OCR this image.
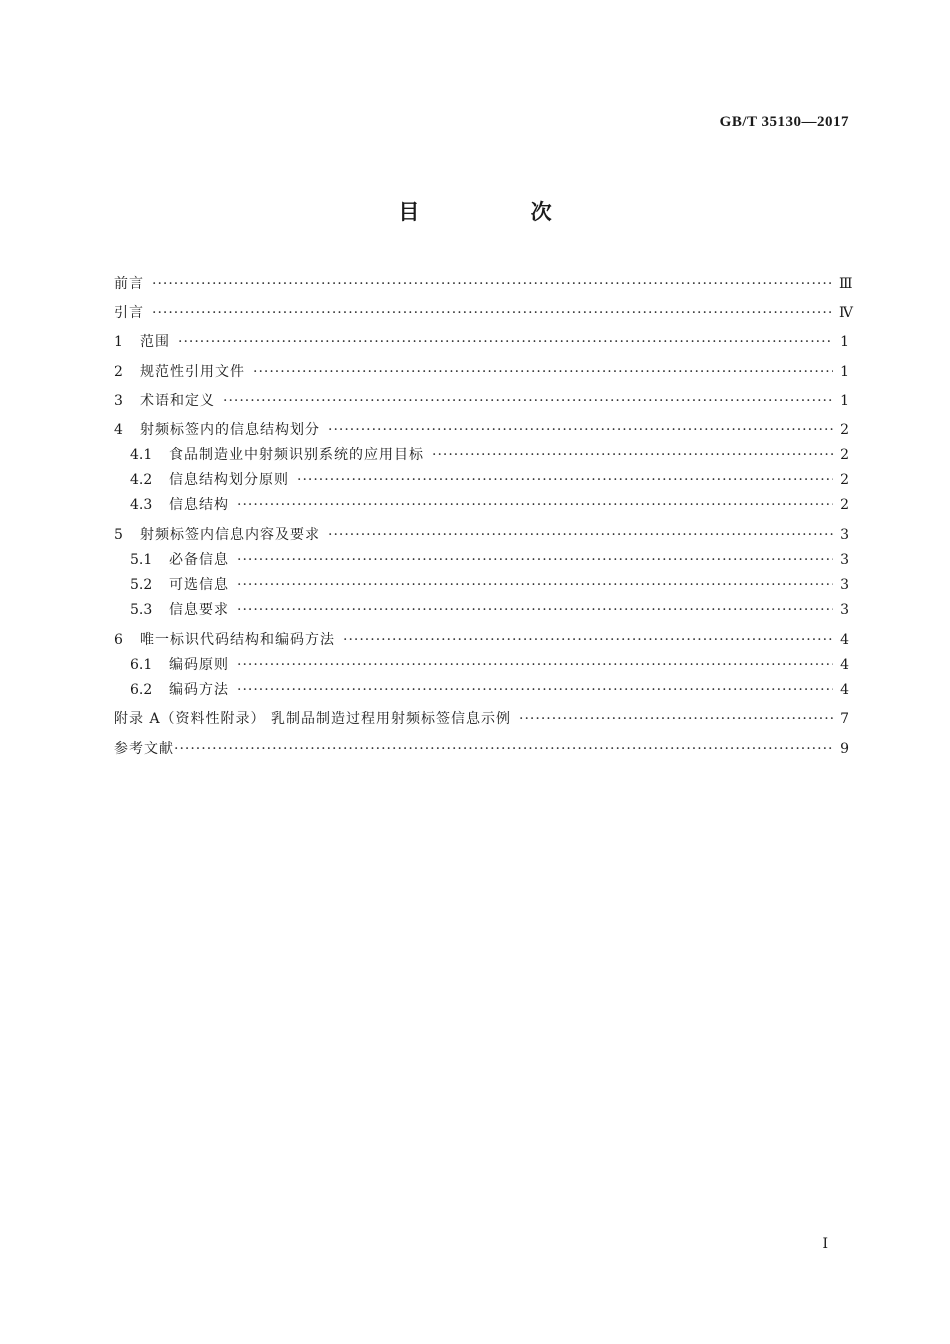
GB/T 35130—2017
目 次
前言 ·····	Ⅲ
引言 ·····	Ⅳ
1	范围 ·····	1
2	规范性引用文件 ·····	1
3	术语和定义 ·····	1
4	射频标签内的信息结构划分 ·····	2
4.1	食品制造业中射频识别系统的应用目标 ·····	2
4.2	信息结构划分原则 ·····	2
4.3	信息结构 ·····	2
5	射频标签内信息内容及要求 ·····	3
5.1	必备信息 ·····	3
5.2	可选信息 ·····	3
5.3	信息要求 ·····	3
6	唯一标识代码结构和编码方法 ·····	4
6.1	编码原则 ·····	4
6.2	编码方法 ·····	4
附录 A（资料性附录） 乳制品制造过程用射频标签信息示例 ·····	7
参考文献 ·····	9
Ⅰ
